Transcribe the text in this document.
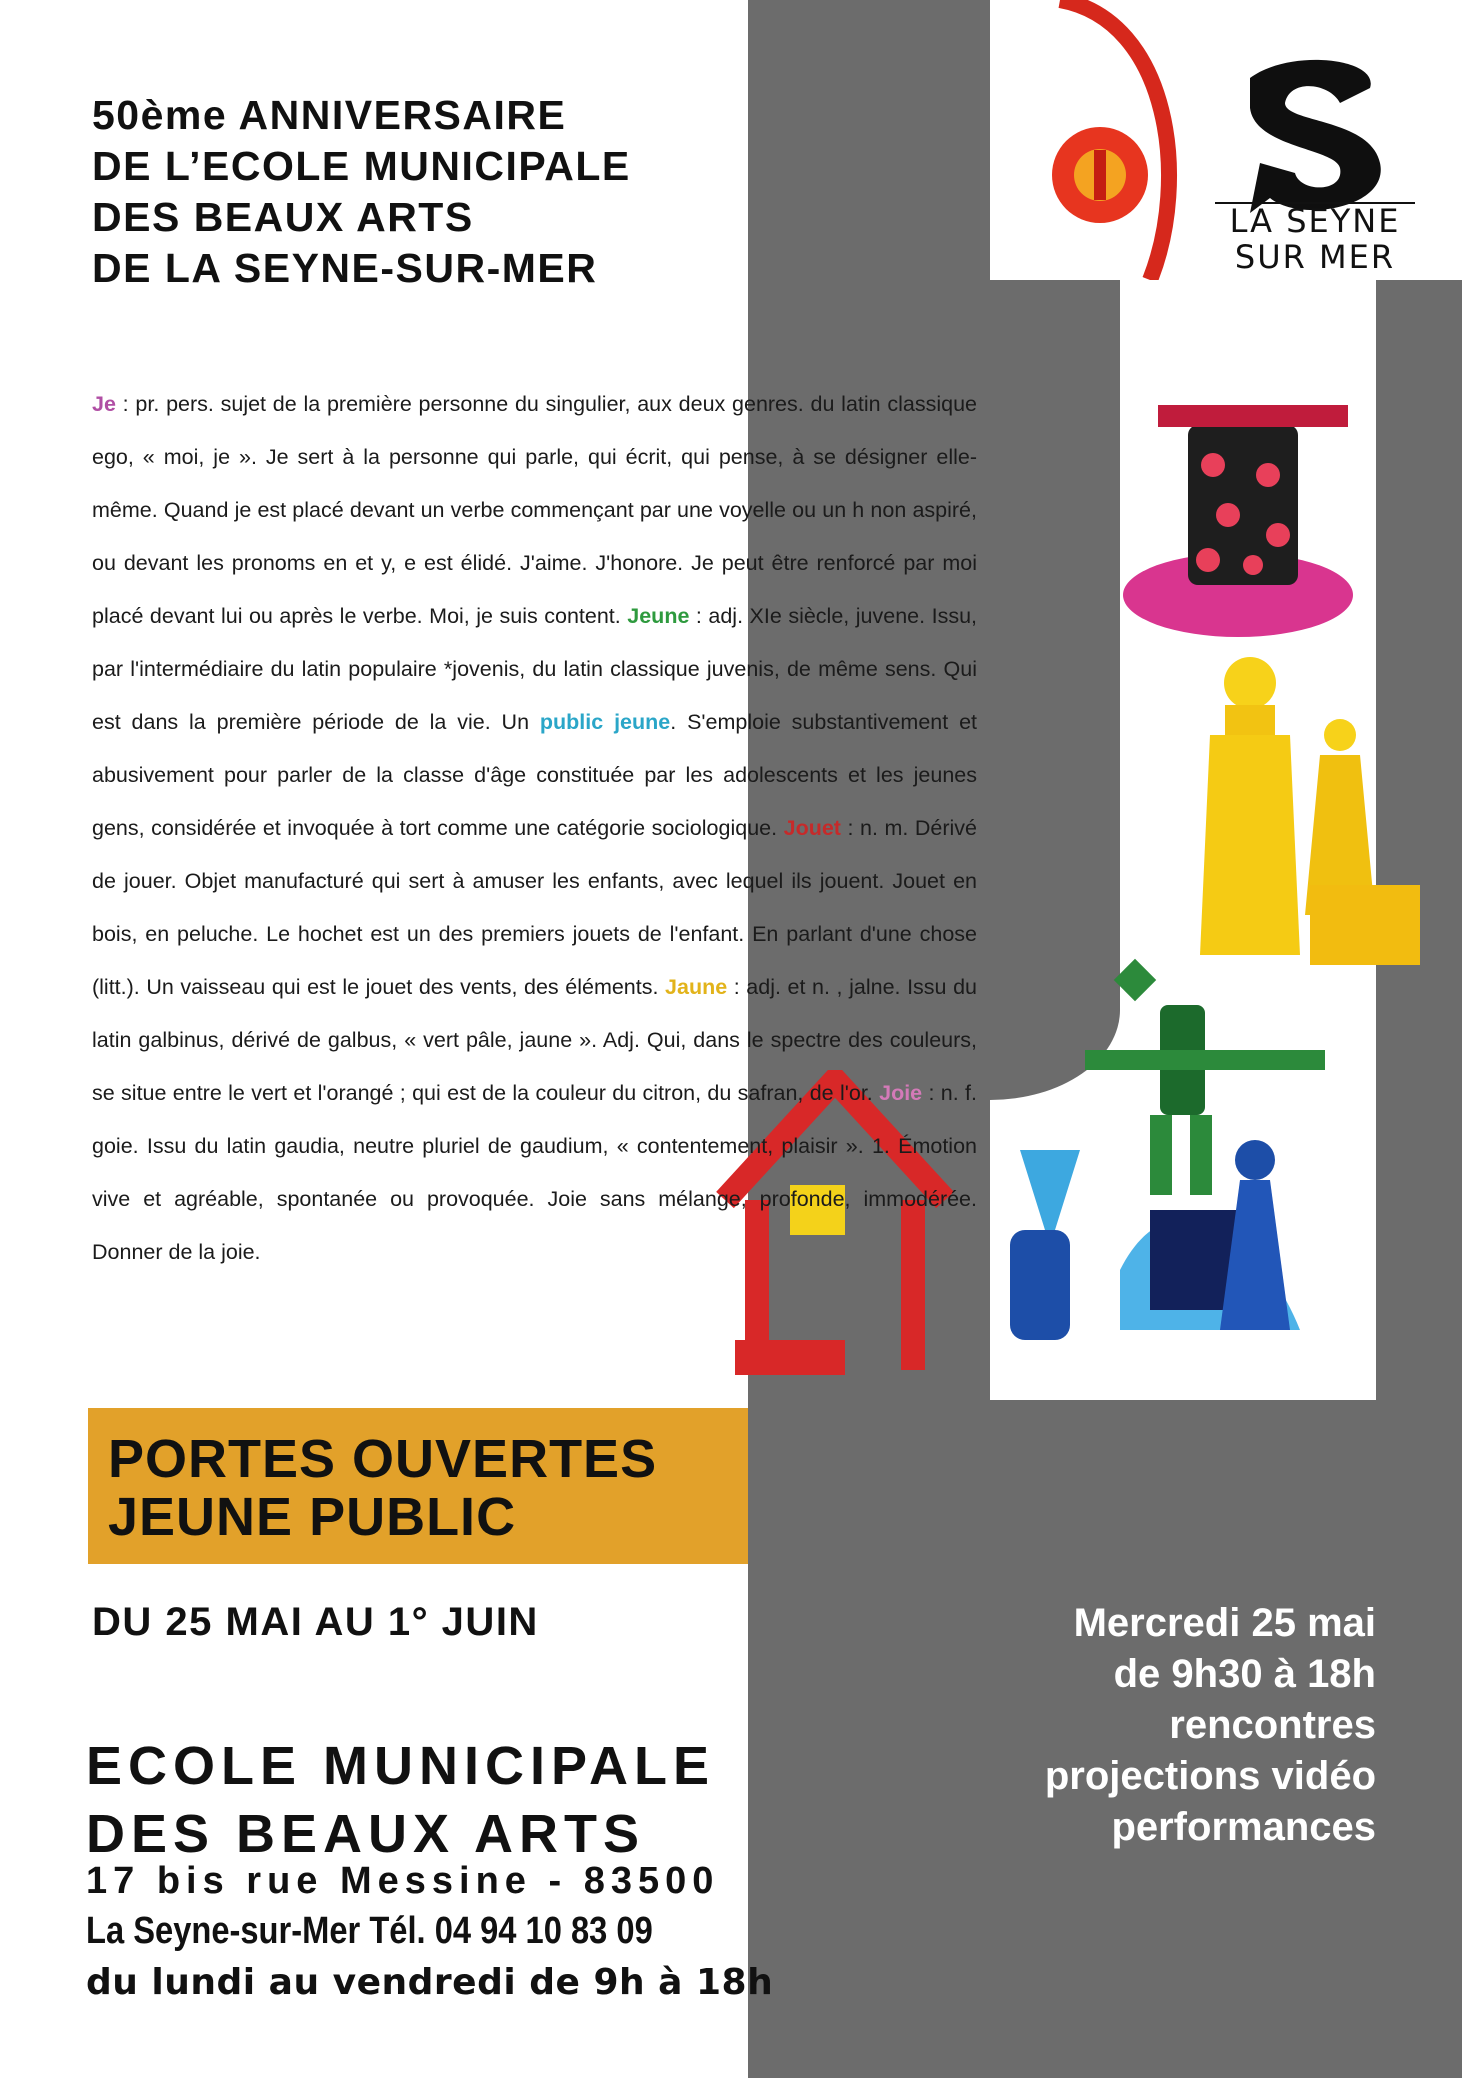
LA SEYNE
SUR MER
50ème ANNIVERSAIRE
DE L’ECOLE MUNICIPALE
DES BEAUX ARTS
DE LA SEYNE-SUR-MER
Je : pr. pers. sujet de la première personne du singulier, aux deux genres. du latin classique ego, « moi, je ». Je sert à la personne qui parle, qui écrit, qui pense, à se désigner elle-même. Quand je est placé devant un verbe commençant par une voyelle ou un h non aspiré, ou devant les pronoms en et y, e est élidé. J'aime. J'honore. Je peut être renforcé par moi placé devant lui ou après le verbe. Moi, je suis content. Jeune : adj. XIe siècle, juvene. Issu, par l'intermédiaire du latin populaire *jovenis, du latin classique juvenis, de même sens. Qui est dans la première période de la vie. Un public jeune. S'emploie substantivement et abusivement pour parler de la classe d'âge constituée par les adolescents et les jeunes gens, considérée et invoquée à tort comme une catégorie sociologique. Jouet : n. m. Dérivé de jouer. Objet manufacturé qui sert à amuser les enfants, avec lequel ils jouent. Jouet en bois, en peluche. Le hochet est un des premiers jouets de l'enfant. En parlant d'une chose (litt.). Un vaisseau qui est le jouet des vents, des éléments. Jaune : adj. et n. , jalne. Issu du latin galbinus, dérivé de galbus, « vert pâle, jaune ». Adj. Qui, dans le spectre des couleurs, se situe entre le vert et l'orangé ; qui est de la couleur du citron, du safran, de l'or. Joie : n. f. goie. Issu du latin gaudia, neutre pluriel de gaudium, « contentement, plaisir ». 1. Émotion vive et agréable, spontanée ou provoquée. Joie sans mélange, profonde, immodérée. Donner de la joie.
PORTES OUVERTES
JEUNE PUBLIC
DU 25 MAI AU 1° JUIN
ECOLE MUNICIPALE
DES BEAUX ARTS
17 bis rue Messine - 83500
La Seyne-sur-Mer Tél. 04 94 10 83 09
du lundi au vendredi de 9h à 18h
Mercredi 25 mai
de 9h30 à 18h
rencontres
projections vidéo
performances
